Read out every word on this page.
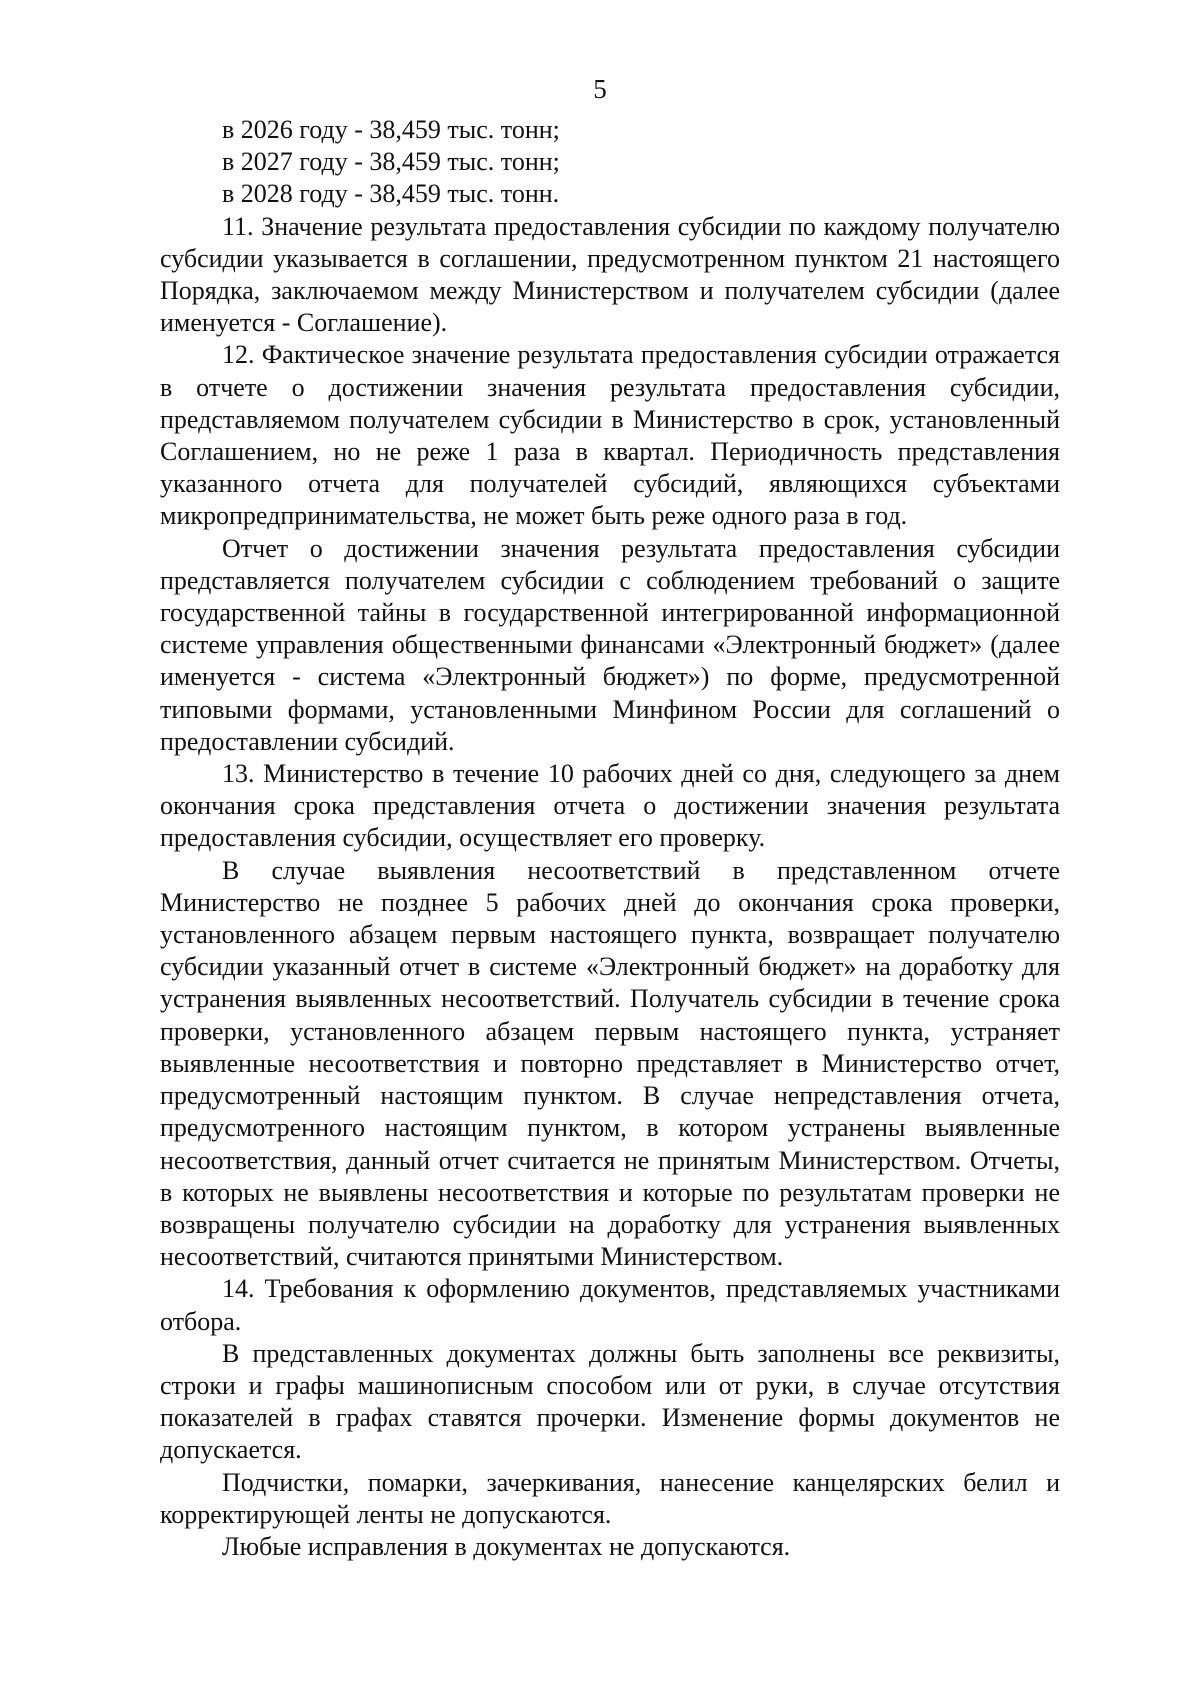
5
в 2026 году - 38,459 тыс. тонн;
в 2027 году - 38,459 тыс. тонн;
в 2028 году - 38,459 тыс. тонн.

11. Значение результата предоставления субсидии по каждому получателю субсидии указывается в соглашении, предусмотренном пунктом 21 настоящего Порядка, заключаемом между Министерством и получателем субсидии (далее именуется - Соглашение).

12. Фактическое значение результата предоставления субсидии отражается в отчете о достижении значения результата предоставления субсидии, представляемом получателем субсидии в Министерство в срок, установленный Соглашением, но не реже 1 раза в квартал. Периодичность представления указанного отчета для получателей субсидий, являющихся субъектами микропредпринимательства, не может быть реже одного раза в год.

Отчет о достижении значения результата предоставления субсидии представляется получателем субсидии с соблюдением требований о защите государственной тайны в государственной интегрированной информационной системе управления общественными финансами «Электронный бюджет» (далее именуется - система «Электронный бюджет») по форме, предусмотренной типовыми формами, установленными Минфином России для соглашений о предоставлении субсидий.

13. Министерство в течение 10 рабочих дней со дня, следующего за днем окончания срока представления отчета о достижении значения результата предоставления субсидии, осуществляет его проверку.

В случае выявления несоответствий в представленном отчете Министерство не позднее 5 рабочих дней до окончания срока проверки, установленного абзацем первым настоящего пункта, возвращает получателю субсидии указанный отчет в системе «Электронный бюджет» на доработку для устранения выявленных несоответствий. Получатель субсидии в течение срока проверки, установленного абзацем первым настоящего пункта, устраняет выявленные несоответствия и повторно представляет в Министерство отчет, предусмотренный настоящим пунктом. В случае непредставления отчета, предусмотренного настоящим пунктом, в котором устранены выявленные несоответствия, данный отчет считается не принятым Министерством. Отчеты, в которых не выявлены несоответствия и которые по результатам проверки не возвращены получателю субсидии на доработку для устранения выявленных несоответствий, считаются принятыми Министерством.

14. Требования к оформлению документов, представляемых участниками отбора.

В представленных документах должны быть заполнены все реквизиты, строки и графы машинописным способом или от руки, в случае отсутствия показателей в графах ставятся прочерки. Изменение формы документов не допускается.

Подчистки, помарки, зачеркивания, нанесение канцелярских белил и корректирующей ленты не допускаются.

Любые исправления в документах не допускаются.
